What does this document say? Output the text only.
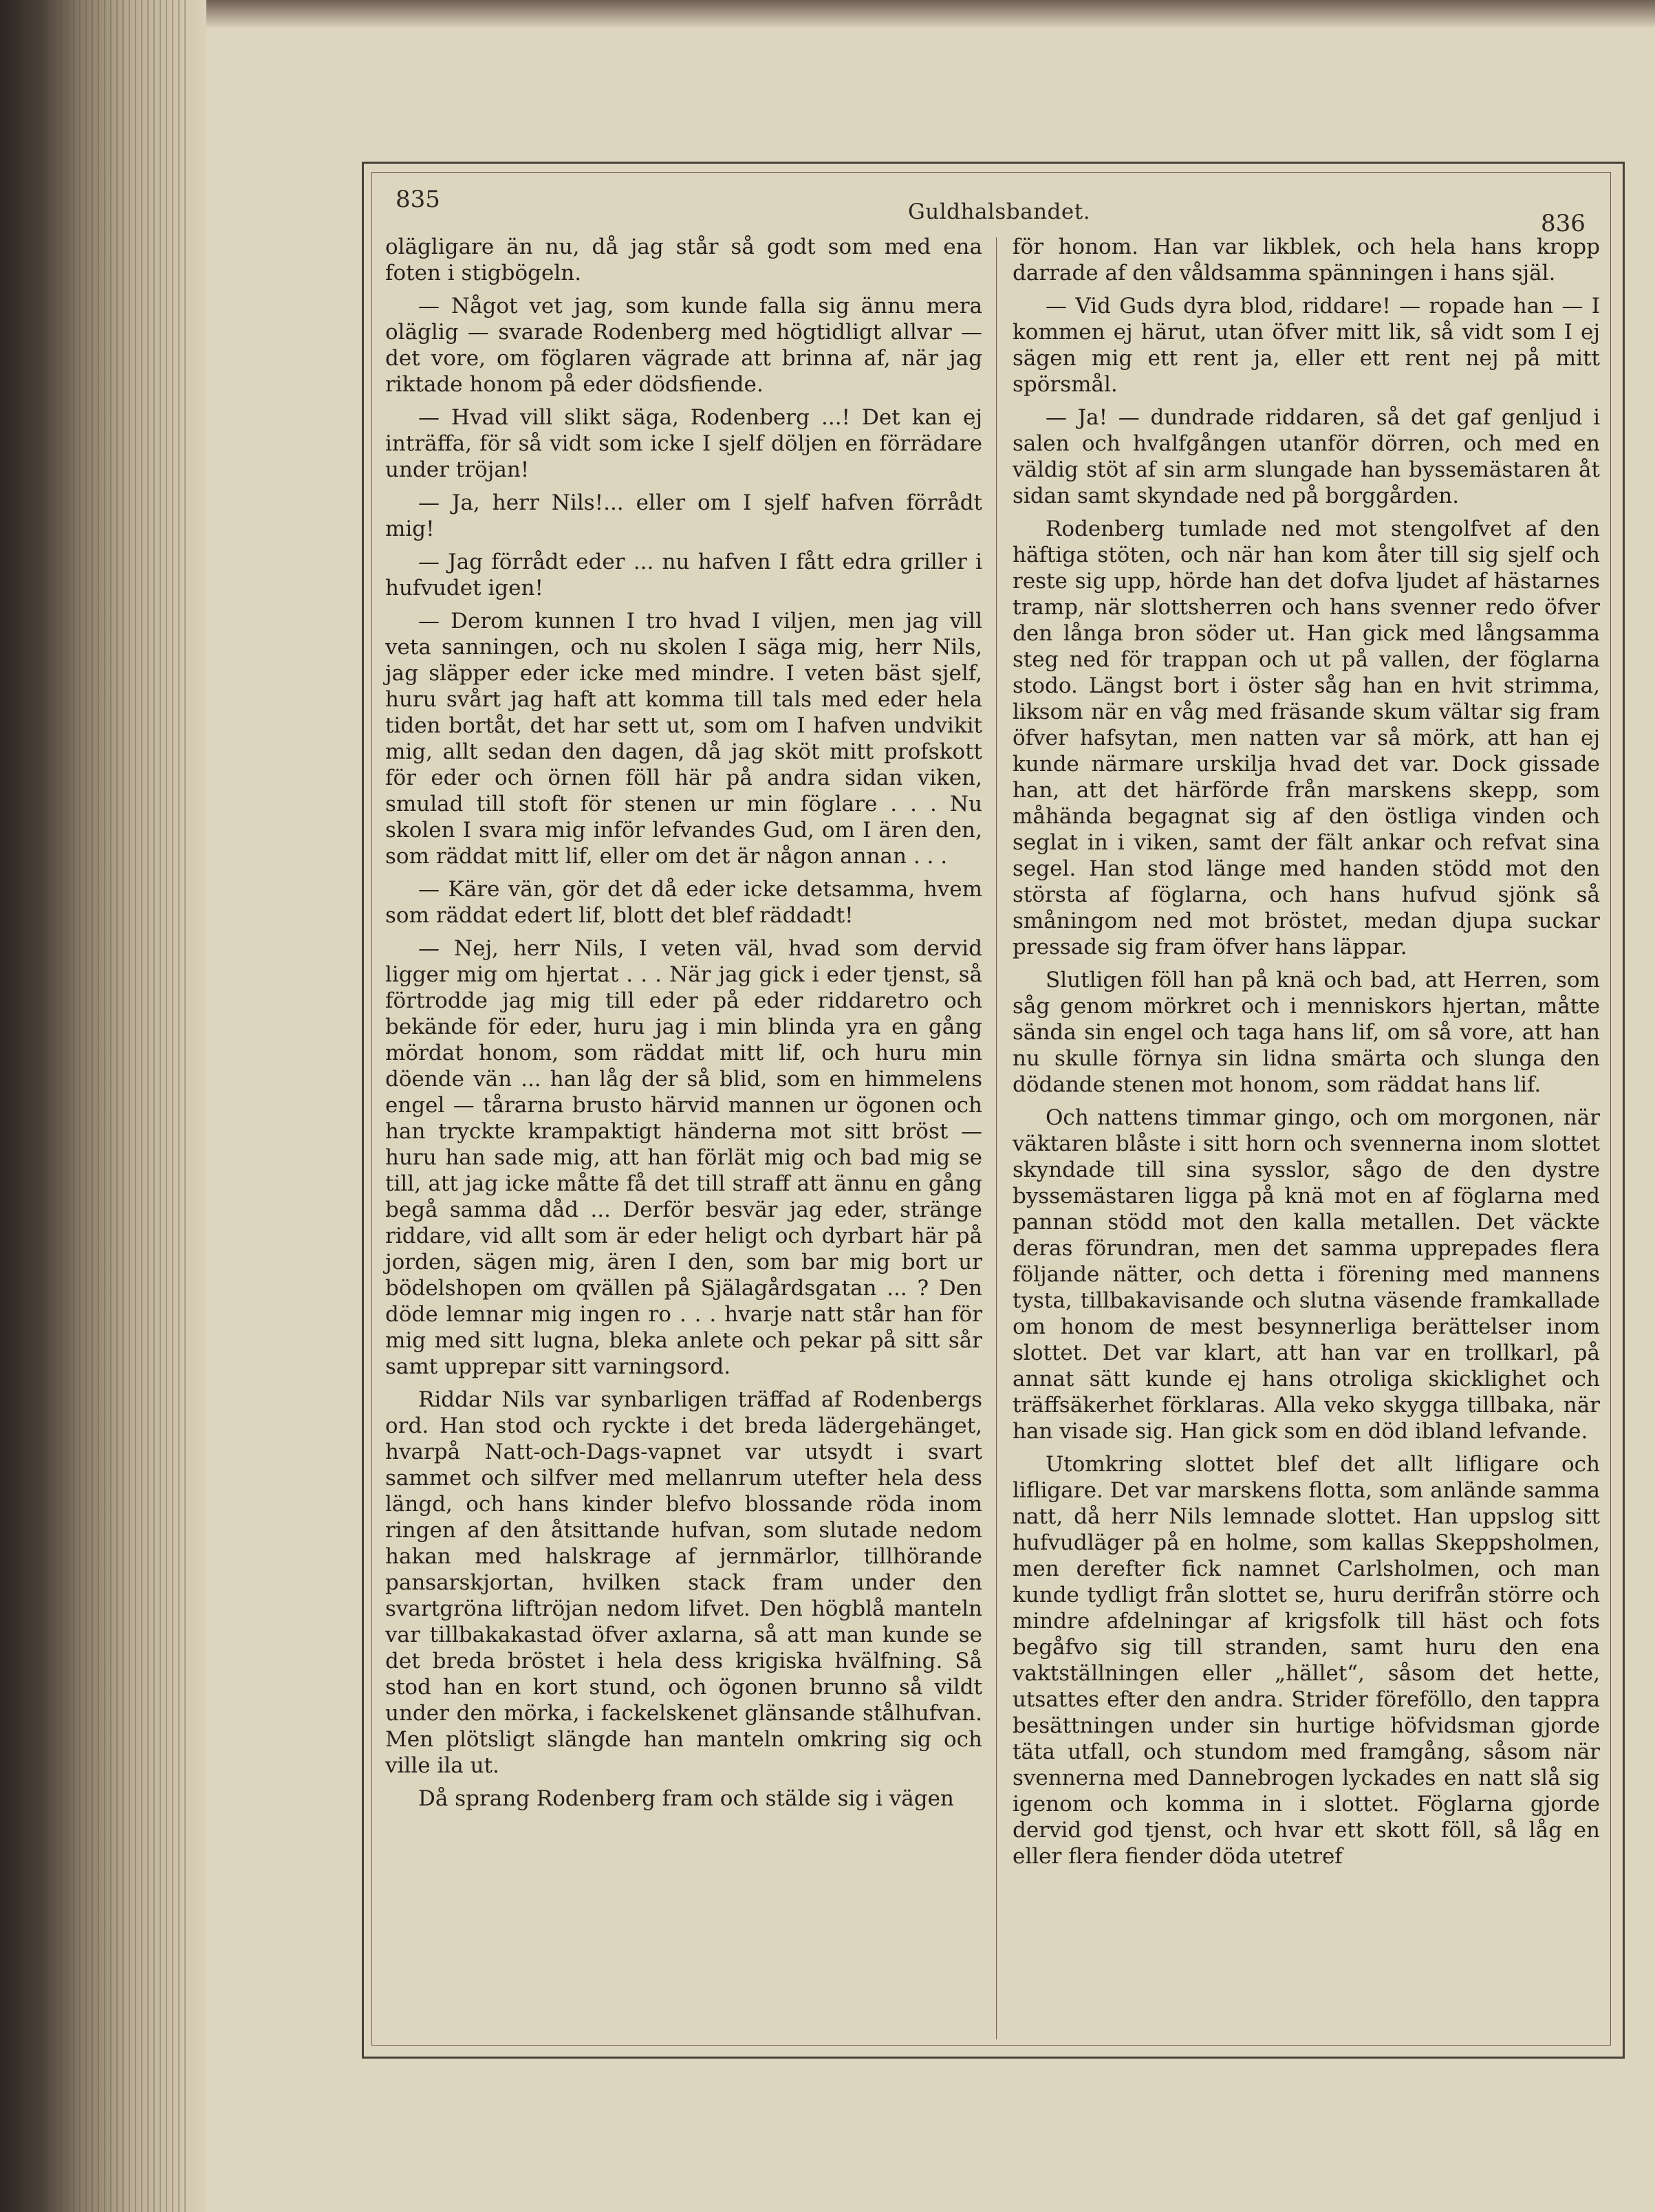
835	Guldhalsbandet.	836

olägligare än nu, då jag står så godt som med ena foten i stigbögeln.

— Något vet jag, som kunde falla sig ännu mera oläglig — svarade Rodenberg med högtidligt allvar — det vore, om föglaren vägrade att brinna af, när jag riktade honom på eder dödsfiende.

— Hvad vill slikt säga, Rodenberg ...! Det kan ej inträffa, för så vidt som icke I sjelf döljen en förrädare under tröjan!

— Ja, herr Nils!... eller om I sjelf hafven förrådt mig!

— Jag förrådt eder ... nu hafven I fått edra griller i hufvudet igen!

— Derom kunnen I tro hvad I viljen, men jag vill veta sanningen, och nu skolen I säga mig, herr Nils, jag släpper eder icke med mindre. I veten bäst sjelf, huru svårt jag haft att komma till tals med eder hela tiden bortåt, det har sett ut, som om I hafven undvikit mig, allt sedan den dagen, då jag sköt mitt profskott för eder och örnen föll här på andra sidan viken, smulad till stoft för stenen ur min föglare . . . Nu skolen I svara mig inför lefvandes Gud, om I ären den, som räddat mitt lif, eller om det är någon annan . . .

— Käre vän, gör det då eder icke detsamma, hvem som räddat edert lif, blott det blef räddadt!

— Nej, herr Nils, I veten väl, hvad som dervid ligger mig om hjertat . . . När jag gick i eder tjenst, så förtrodde jag mig till eder på eder riddaretro och bekände för eder, huru jag i min blinda yra en gång mördat honom, som räddat mitt lif, och huru min döende vän ... han låg der så blid, som en himmelens engel — tårarna brusto härvid mannen ur ögonen och han tryckte krampaktigt händerna mot sitt bröst — huru han sade mig, att han förlät mig och bad mig se till, att jag icke måtte få det till straff att ännu en gång begå samma dåd ... Derför besvär jag eder, stränge riddare, vid allt som är eder heligt och dyrbart här på jorden, sägen mig, ären I den, som bar mig bort ur bödelshopen om qvällen på Själagårdsgatan ... ? Den döde lemnar mig ingen ro . . . hvarje natt står han för mig med sitt lugna, bleka anlete och pekar på sitt sår samt upprepar sitt varningsord.

Riddar Nils var synbarligen träffad af Rodenbergs ord. Han stod och ryckte i det breda lädergehänget, hvarpå Natt-och-Dags-vapnet var utsydt i svart sammet och silfver med mellanrum utefter hela dess längd, och hans kinder blefvo blossande röda inom ringen af den åtsittande hufvan, som slutade nedom hakan med halskrage af jernmärlor, tillhörande pansarskjortan, hvilken stack fram under den svartgröna liftröjan nedom lifvet. Den högblå manteln var tillbakakastad öfver axlarna, så att man kunde se det breda bröstet i hela dess krigiska hvälfning. Så stod han en kort stund, och ögonen brunno så vildt under den mörka, i fackelskenet glänsande stålhufvan. Men plötsligt slängde han manteln omkring sig och ville ila ut.

Då sprang Rodenberg fram och stälde sig i vägen

för honom. Han var likblek, och hela hans kropp darrade af den våldsamma spänningen i hans själ.

— Vid Guds dyra blod, riddare! — ropade han — I kommen ej härut, utan öfver mitt lik, så vidt som I ej sägen mig ett rent ja, eller ett rent nej på mitt spörsmål.

— Ja! — dundrade riddaren, så det gaf genljud i salen och hvalfgången utanför dörren, och med en väldig stöt af sin arm slungade han byssemästaren åt sidan samt skyndade ned på borggården.

Rodenberg tumlade ned mot stengolfvet af den häftiga stöten, och när han kom åter till sig sjelf och reste sig upp, hörde han det dofva ljudet af hästarnes tramp, när slottsherren och hans svenner redo öfver den långa bron söder ut. Han gick med långsamma steg ned för trappan och ut på vallen, der föglarna stodo. Längst bort i öster såg han en hvit strimma, liksom när en våg med fräsande skum vältar sig fram öfver hafsytan, men natten var så mörk, att han ej kunde närmare urskilja hvad det var. Dock gissade han, att det härförde från marskens skepp, som måhända begagnat sig af den östliga vinden och seglat in i viken, samt der fält ankar och refvat sina segel. Han stod länge med handen stödd mot den största af föglarna, och hans hufvud sjönk så småningom ned mot bröstet, medan djupa suckar pressade sig fram öfver hans läppar.

Slutligen föll han på knä och bad, att Herren, som såg genom mörkret och i menniskors hjertan, måtte sända sin engel och taga hans lif, om så vore, att han nu skulle förnya sin lidna smärta och slunga den dödande stenen mot honom, som räddat hans lif.

Och nattens timmar gingo, och om morgonen, när väktaren blåste i sitt horn och svennerna inom slottet skyndade till sina sysslor, sågo de den dystre byssemästaren ligga på knä mot en af föglarna med pannan stödd mot den kalla metallen. Det väckte deras förundran, men det samma upprepades flera följande nätter, och detta i förening med mannens tysta, tillbakavisande och slutna väsende framkallade om honom de mest besynnerliga berättelser inom slottet. Det var klart, att han var en trollkarl, på annat sätt kunde ej hans otroliga skicklighet och träffsäkerhet förklaras. Alla veko skygga tillbaka, när han visade sig. Han gick som en död ibland lefvande.

Utomkring slottet blef det allt lifligare och lifligare. Det var marskens flotta, som anlände samma natt, då herr Nils lemnade slottet. Han uppslog sitt hufvudläger på en holme, som kallas Skeppsholmen, men derefter fick namnet Carlsholmen, och man kunde tydligt från slottet se, huru derifrån större och mindre afdelningar af krigsfolk till häst och fots begåfvo sig till stranden, samt huru den ena vaktställningen eller „hället“, såsom det hette, utsattes efter den andra. Strider föreföllo, den tappra besättningen under sin hurtige höfvidsman gjorde täta utfall, och stundom med framgång, såsom när svennerna med Dannebrogen lyckades en natt slå sig igenom och komma in i slottet. Föglarna gjorde dervid god tjenst, och hvar ett skott föll, så låg en eller flera fiender döda utetref
